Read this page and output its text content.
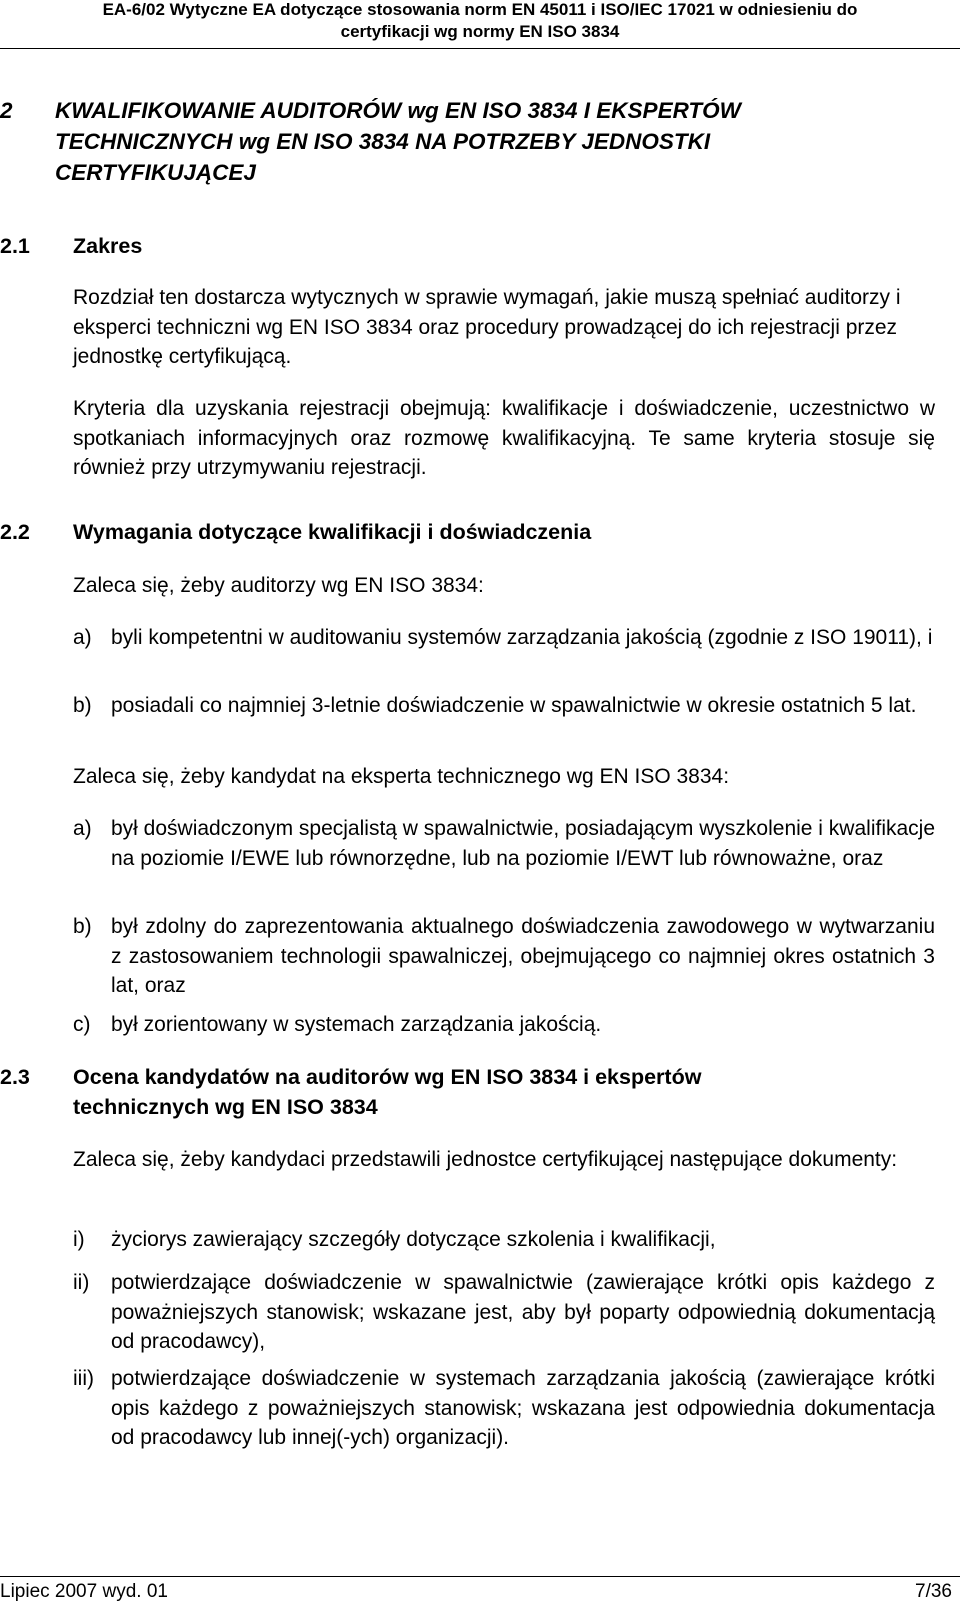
EA-6/02 Wytyczne EA dotyczące stosowania norm EN 45011 i ISO/IEC 17021 w odniesieniu do
certyfikacji wg normy EN ISO 3834
2 KWALIFIKOWANIE AUDITORÓW wg EN ISO 3834 I EKSPERTÓW
TECHNICZNYCH wg EN ISO 3834 NA POTRZEBY JEDNOSTKI
CERTYFIKUJĄCEJ
2.1 Zakres
Rozdział ten dostarcza wytycznych w sprawie wymagań, jakie muszą spełniać auditorzy i eksperci techniczni wg EN ISO 3834 oraz procedury prowadzącej do ich rejestracji przez jednostkę certyfikującą.
Kryteria dla uzyskania rejestracji obejmują: kwalifikacje i doświadczenie, uczestnictwo w spotkaniach informacyjnych oraz rozmowę kwalifikacyjną. Te same kryteria stosuje się również przy utrzymywaniu rejestracji.
2.2 Wymagania dotyczące kwalifikacji i doświadczenia
Zaleca się, żeby auditorzy wg EN ISO 3834:
a) byli kompetentni w auditowaniu systemów zarządzania jakością (zgodnie z ISO 19011), i
b) posiadali co najmniej 3-letnie doświadczenie w spawalnictwie w okresie ostatnich 5 lat.
Zaleca się, żeby kandydat na eksperta technicznego wg EN ISO 3834:
a) był doświadczonym specjalistą w spawalnictwie, posiadającym wyszkolenie i kwalifikacje na poziomie I/EWE lub równorzędne, lub na poziomie I/EWT lub równoważne, oraz
b) był zdolny do zaprezentowania aktualnego doświadczenia zawodowego w wytwarzaniu z zastosowaniem technologii spawalniczej, obejmującego co najmniej okres ostatnich 3 lat, oraz
c) był zorientowany w systemach zarządzania jakością.
2.3 Ocena kandydatów na auditorów wg EN ISO 3834 i ekspertów
technicznych wg EN ISO 3834
Zaleca się, żeby kandydaci przedstawili jednostce certyfikującej następujące dokumenty:
i) życiorys zawierający szczegóły dotyczące szkolenia i kwalifikacji,
ii) potwierdzające doświadczenie w spawalnictwie (zawierające krótki opis każdego z poważniejszych stanowisk; wskazane jest, aby był poparty odpowiednią dokumentacją od pracodawcy),
iii) potwierdzające doświadczenie w systemach zarządzania jakością (zawierające krótki opis każdego z poważniejszych stanowisk; wskazana jest odpowiednia dokumentacja od pracodawcy lub innej(-ych) organizacji).
Lipiec 2007 wyd. 01	7/36
